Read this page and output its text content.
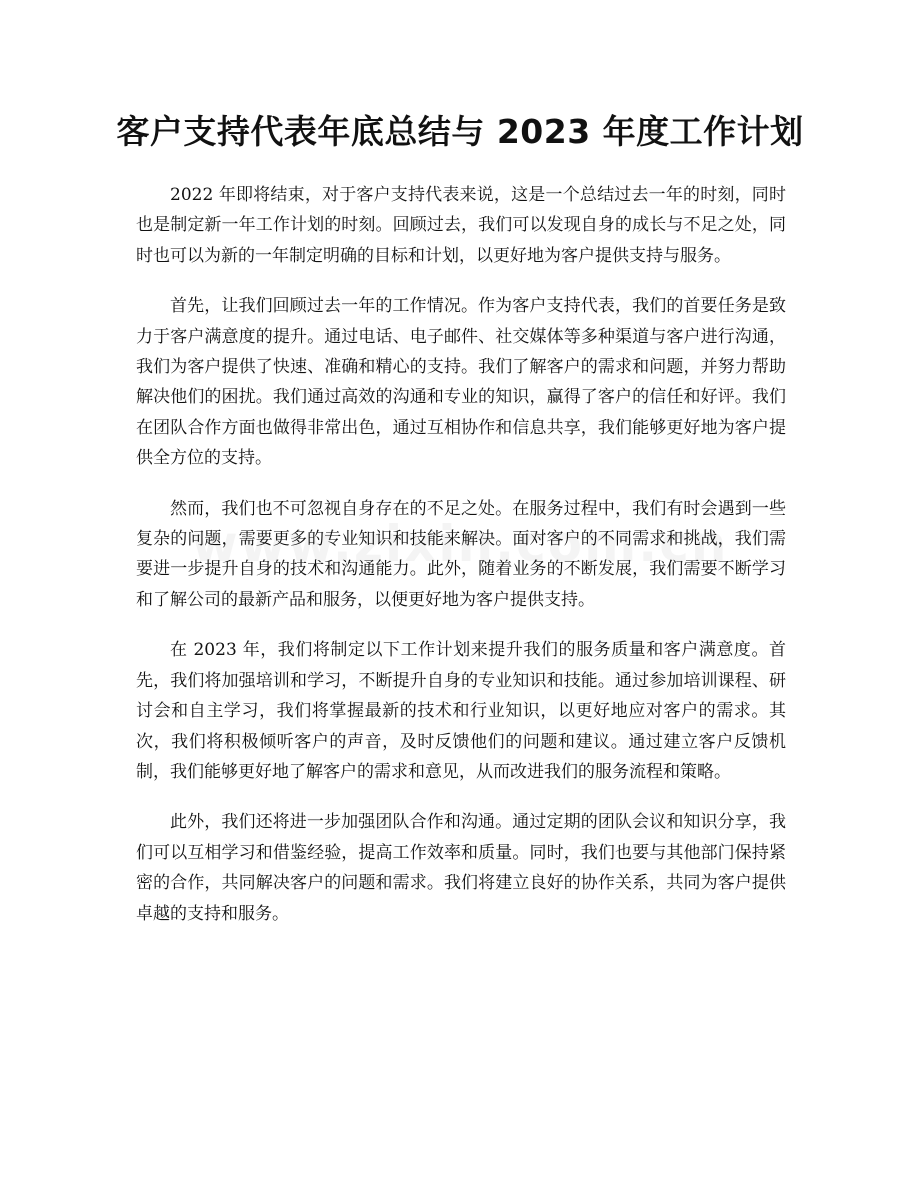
客户支持代表年底总结与 2023 年度工作计划

2022 年即将结束，对于客户支持代表来说，这是一个总结过去一年的时刻，同时也是制定新一年工作计划的时刻。回顾过去，我们可以发现自身的成长与不足之处，同时也可以为新的一年制定明确的目标和计划，以更好地为客户提供支持与服务。

首先，让我们回顾过去一年的工作情况。作为客户支持代表，我们的首要任务是致力于客户满意度的提升。通过电话、电子邮件、社交媒体等多种渠道与客户进行沟通，我们为客户提供了快速、准确和精心的支持。我们了解客户的需求和问题，并努力帮助解决他们的困扰。我们通过高效的沟通和专业的知识，赢得了客户的信任和好评。我们在团队合作方面也做得非常出色，通过互相协作和信息共享，我们能够更好地为客户提供全方位的支持。

然而，我们也不可忽视自身存在的不足之处。在服务过程中，我们有时会遇到一些复杂的问题，需要更多的专业知识和技能来解决。面对客户的不同需求和挑战，我们需要进一步提升自身的技术和沟通能力。此外，随着业务的不断发展，我们需要不断学习和了解公司的最新产品和服务，以便更好地为客户提供支持。

在 2023 年，我们将制定以下工作计划来提升我们的服务质量和客户满意度。首先，我们将加强培训和学习，不断提升自身的专业知识和技能。通过参加培训课程、研讨会和自主学习，我们将掌握最新的技术和行业知识，以更好地应对客户的需求。其次，我们将积极倾听客户的声音，及时反馈他们的问题和建议。通过建立客户反馈机制，我们能够更好地了解客户的需求和意见，从而改进我们的服务流程和策略。

此外，我们还将进一步加强团队合作和沟通。通过定期的团队会议和知识分享，我们可以互相学习和借鉴经验，提高工作效率和质量。同时，我们也要与其他部门保持紧密的合作，共同解决客户的问题和需求。我们将建立良好的协作关系，共同为客户提供卓越的支持和服务。
